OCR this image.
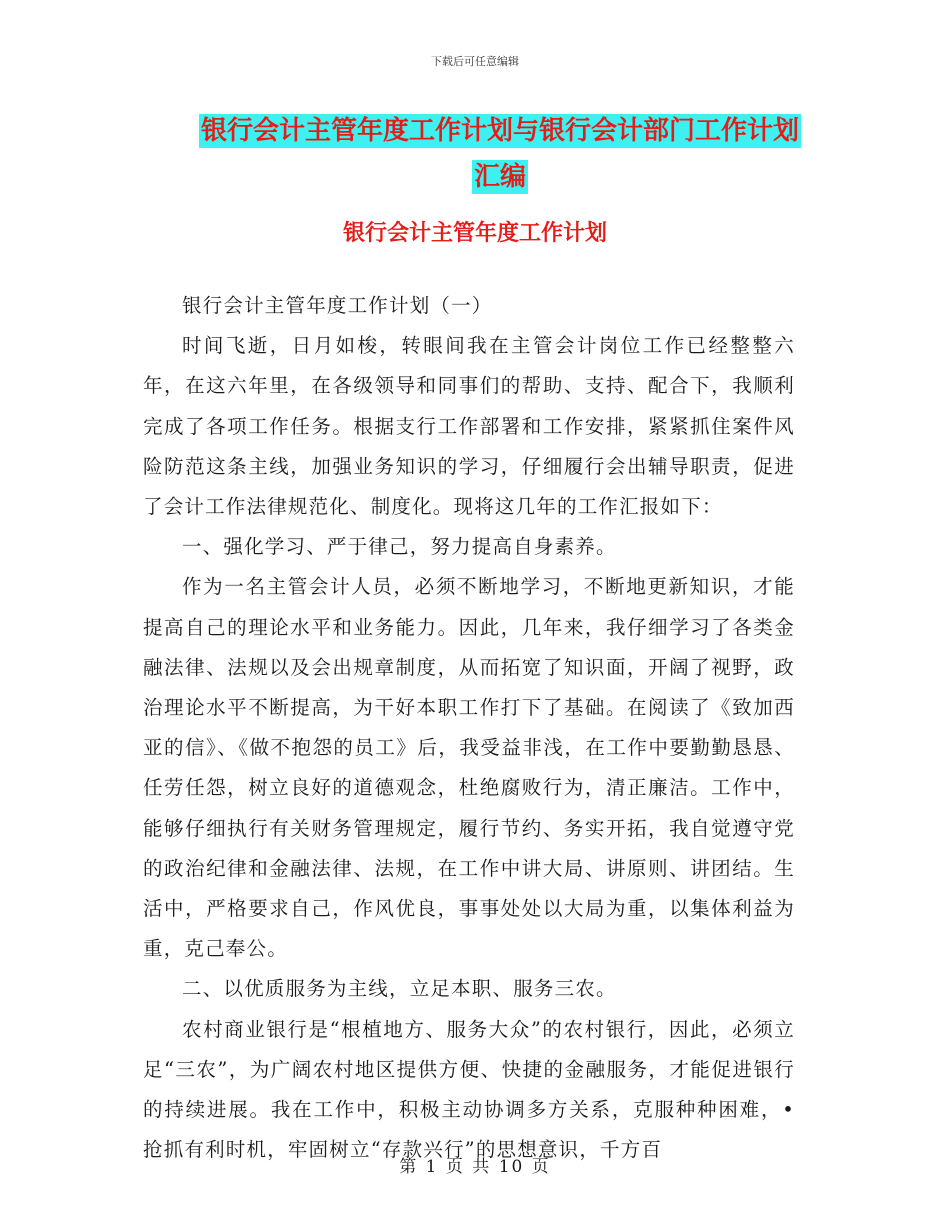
下载后可任意编辑
银行会计主管年度工作计划与银行会计部门工作计划
汇编
银行会计主管年度工作计划

银行会计主管年度工作计划（一）

时间飞逝，日月如梭，转眼间我在主管会计岗位工作已经整整六年，在这六年里，在各级领导和同事们的帮助、支持、配合下，我顺利完成了各项工作任务。根据支行工作部署和工作安排，紧紧抓住案件风险防范这条主线，加强业务知识的学习，仔细履行会出辅导职责，促进了会计工作法律规范化、制度化。现将这几年的工作汇报如下：

一、强化学习、严于律己，努力提高自身素养。

作为一名主管会计人员，必须不断地学习，不断地更新知识，才能提高自己的理论水平和业务能力。因此，几年来，我仔细学习了各类金融法律、法规以及会出规章制度，从而拓宽了知识面，开阔了视野，政治理论水平不断提高，为干好本职工作打下了基础。在阅读了《致加西亚的信》、《做不抱怨的员工》后，我受益非浅，在工作中要勤勤恳恳、任劳任怨，树立良好的道德观念，杜绝腐败行为，清正廉洁。工作中，能够仔细执行有关财务管理规定，履行节约、务实开拓，我自觉遵守党的政治纪律和金融法律、法规，在工作中讲大局、讲原则、讲团结。生活中，严格要求自己，作风优良，事事处处以大局为重，以集体利益为重，克己奉公。

二、以优质服务为主线，立足本职、服务三农。

农村商业银行是“根植地方、服务大众”的农村银行，因此，必须立足“三农”，为广阔农村地区提供方便、快捷的金融服务，才能促进银行的持续进展。我在工作中，积极主动协调多方关系，克服种种困难，•抢抓有利时机，牢固树立“存款兴行”的思想意识，千方百

第 1 页 共 10 页
